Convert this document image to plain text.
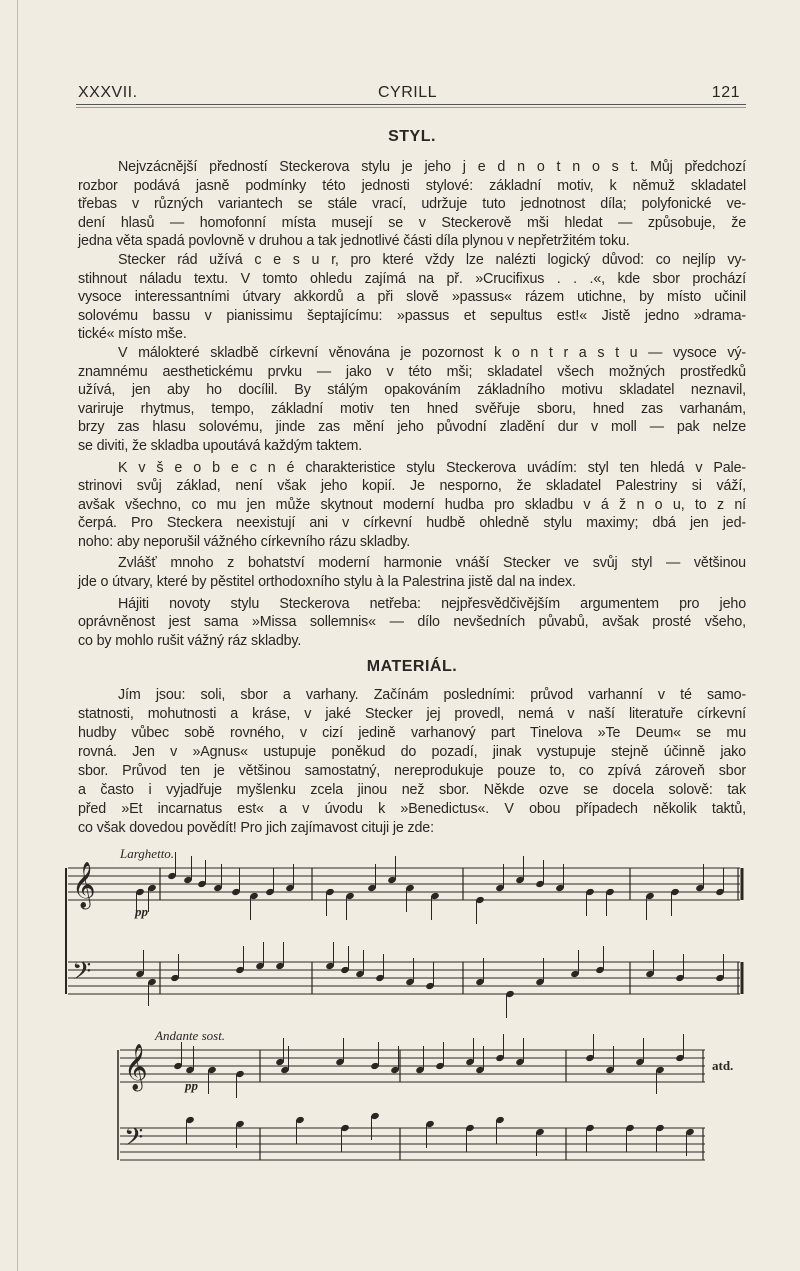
XXXVII.	CYRILL	121
STYL.
Nejvzácnější předností Steckerova stylu je jeho j e d n o t n o s t. Můj předchozí
rozbor podává jasně podmínky této jednosti stylové: základní motiv, k němuž skladatel
třebas v různých variantech se stále vrací, udržuje tuto jednotnost díla; polyfonické ve-
dení hlasů — homofonní místa musejí se v Steckerově mši hledat — způsobuje, že
jedna věta spadá povlovně v druhou a tak jednotlivé části díla plynou v nepřetržitém toku.
Stecker rád užívá c e s u r, pro které vždy lze nalézti logický důvod: co nejlíp vy-
stihnout náladu textu. V tomto ohledu zajímá na př. »Crucifixus . . .«, kde sbor prochází
vysoce interessantními útvary akkordů a při slově »passus« rázem utichne, by místo učinil
solovému bassu v pianissimu šeptajícímu: »passus et sepultus est!« Jistě jedno »drama-
tické« místo mše.
V málokteré skladbě církevní věnována je pozornost k o n t r a s t u — vysoce vý-
znamnému aesthetickému prvku — jako v této mši; skladatel všech možných prostředků
užívá, jen aby ho docílil. By stálým opakováním základního motivu skladatel neznavil,
variruje rhytmus, tempo, základní motiv ten hned svěřuje sboru, hned zas varhanám,
brzy zas hlasu solovému, jinde zas mění jeho původní zladění dur v moll — pak nelze
se diviti, že skladba upoutává každým taktem.
K v š e o b e c n é charakteristice stylu Steckerova uvádím: styl ten hledá v Pale-
strinovi svůj základ, není však jeho kopií. Je nesporno, že skladatel Palestriny si váží,
avšak všechno, co mu jen může skytnout moderní hudba pro skladbu v á ž n o u, to z ní
čerpá. Pro Steckera neexistují ani v církevní hudbě ohledně stylu maximy; dbá jen jed-
noho: aby neporušil vážného církevního rázu skladby.
Zvlášť mnoho z bohatství moderní harmonie vnáší Stecker ve svůj styl — většinou
jde o útvary, které by pěstitel orthodoxního stylu à la Palestrina jistě dal na index.
Hájiti novoty stylu Steckerova netřeba: nejpřesvědčivějším argumentem pro jeho
oprávněnost jest sama »Missa sollemnis« — dílo nevšedních půvabů, avšak prosté všeho,
co by mohlo rušit vážný ráz skladby.
MATERIÁL.
Jím jsou: soli, sbor a varhany. Začínám posledními: průvod varhanní v té samo-
statnosti, mohutnosti a kráse, v jaké Stecker jej provedl, nemá v naší literatuře církevní
hudby vůbec sobě rovného, v cizí jedině varhanový part Tinelova »Te Deum« se mu
rovná. Jen v »Agnus« ustupuje poněkud do pozadí, jinak vystupuje stejně účinně jako
sbor. Průvod ten je většinou samostatný, nereprodukuje pouze to, co zpívá zároveň sbor
a často i vyjadřuje myšlenku zcela jinou než sbor. Někde ozve se docela solově: tak
před »Et incarnatus est« a v úvodu k »Benedictus«. V obou případech několik taktů,
co však dovedou povědít! Pro jich zajímavost cituji je zde:
Larghetto.
pp
Andante sost.
pp
atd.
𝄞
𝄢
𝄞
𝄢
